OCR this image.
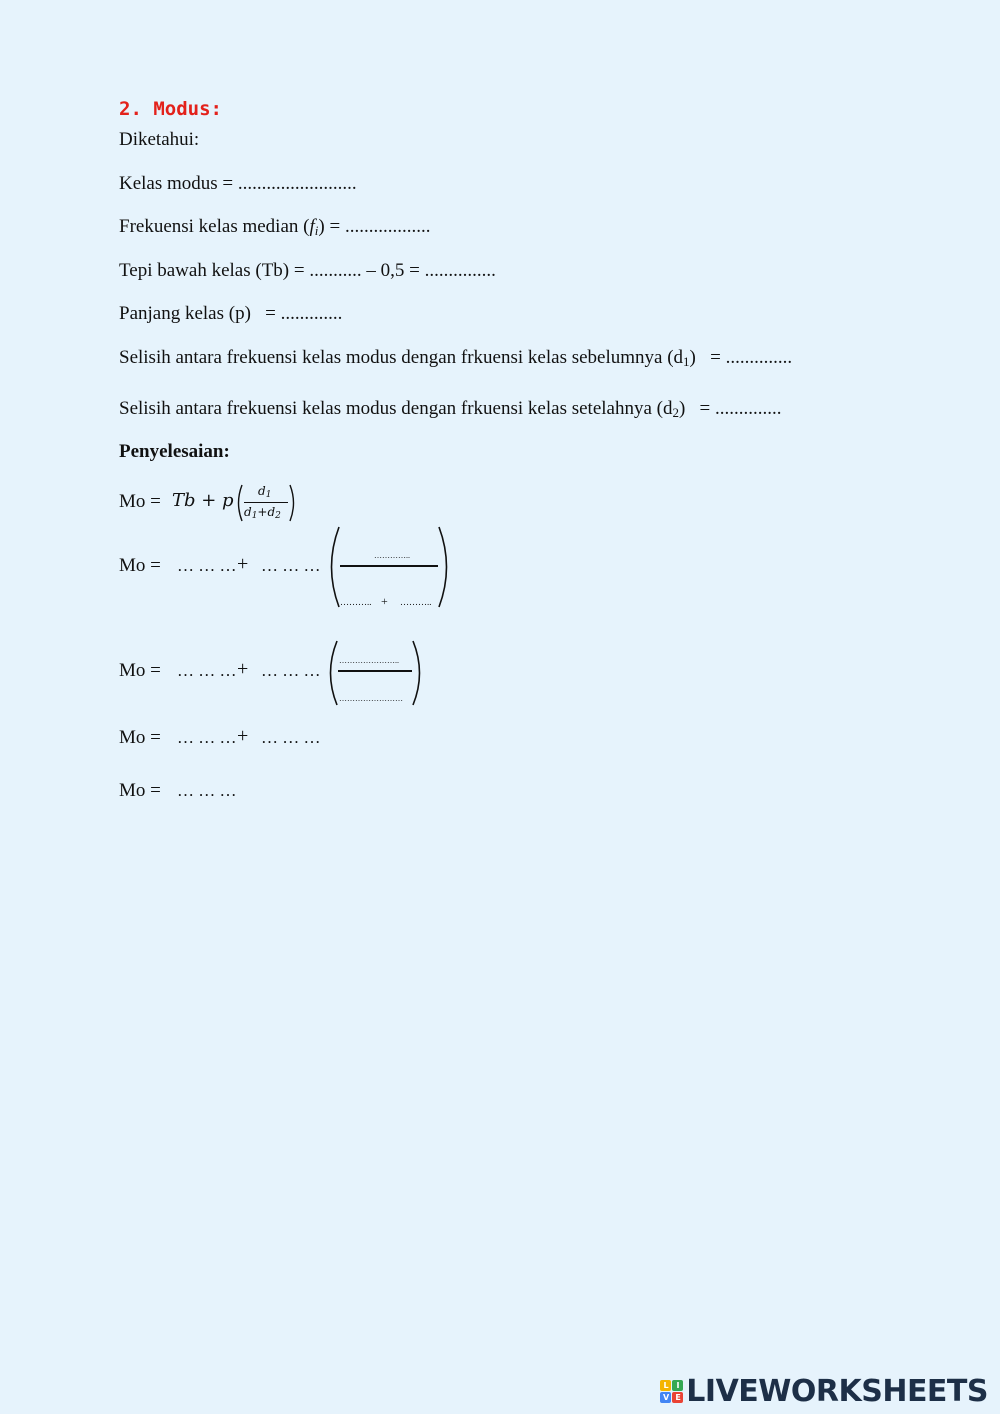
2. Modus:
Diketahui:
Kelas modus = .........................
Frekuensi kelas median $(f_i)$ = ..................
Tepi bawah kelas (Tb) = ........... – 0,5 = ...............
Panjang kelas (p)   = .............
Selisih antara frekuensi kelas modus dengan frkuensi kelas sebelumnya $(d_1)$   = ..............
Selisih antara frekuensi kelas modus dengan frkuensi kelas setelahnya $(d_2)$   = ..............
Penyelesaian:
Mo = Tb + p $d_1$
$d_1+d_2$
Mo = … … … + … … …
…………..
……….. + ………..
Mo = … … … + … … …
…………………..
……………………
Mo = … … … + … … …
Mo = … … …
L	I
V E LIVEWORKSHEETS
